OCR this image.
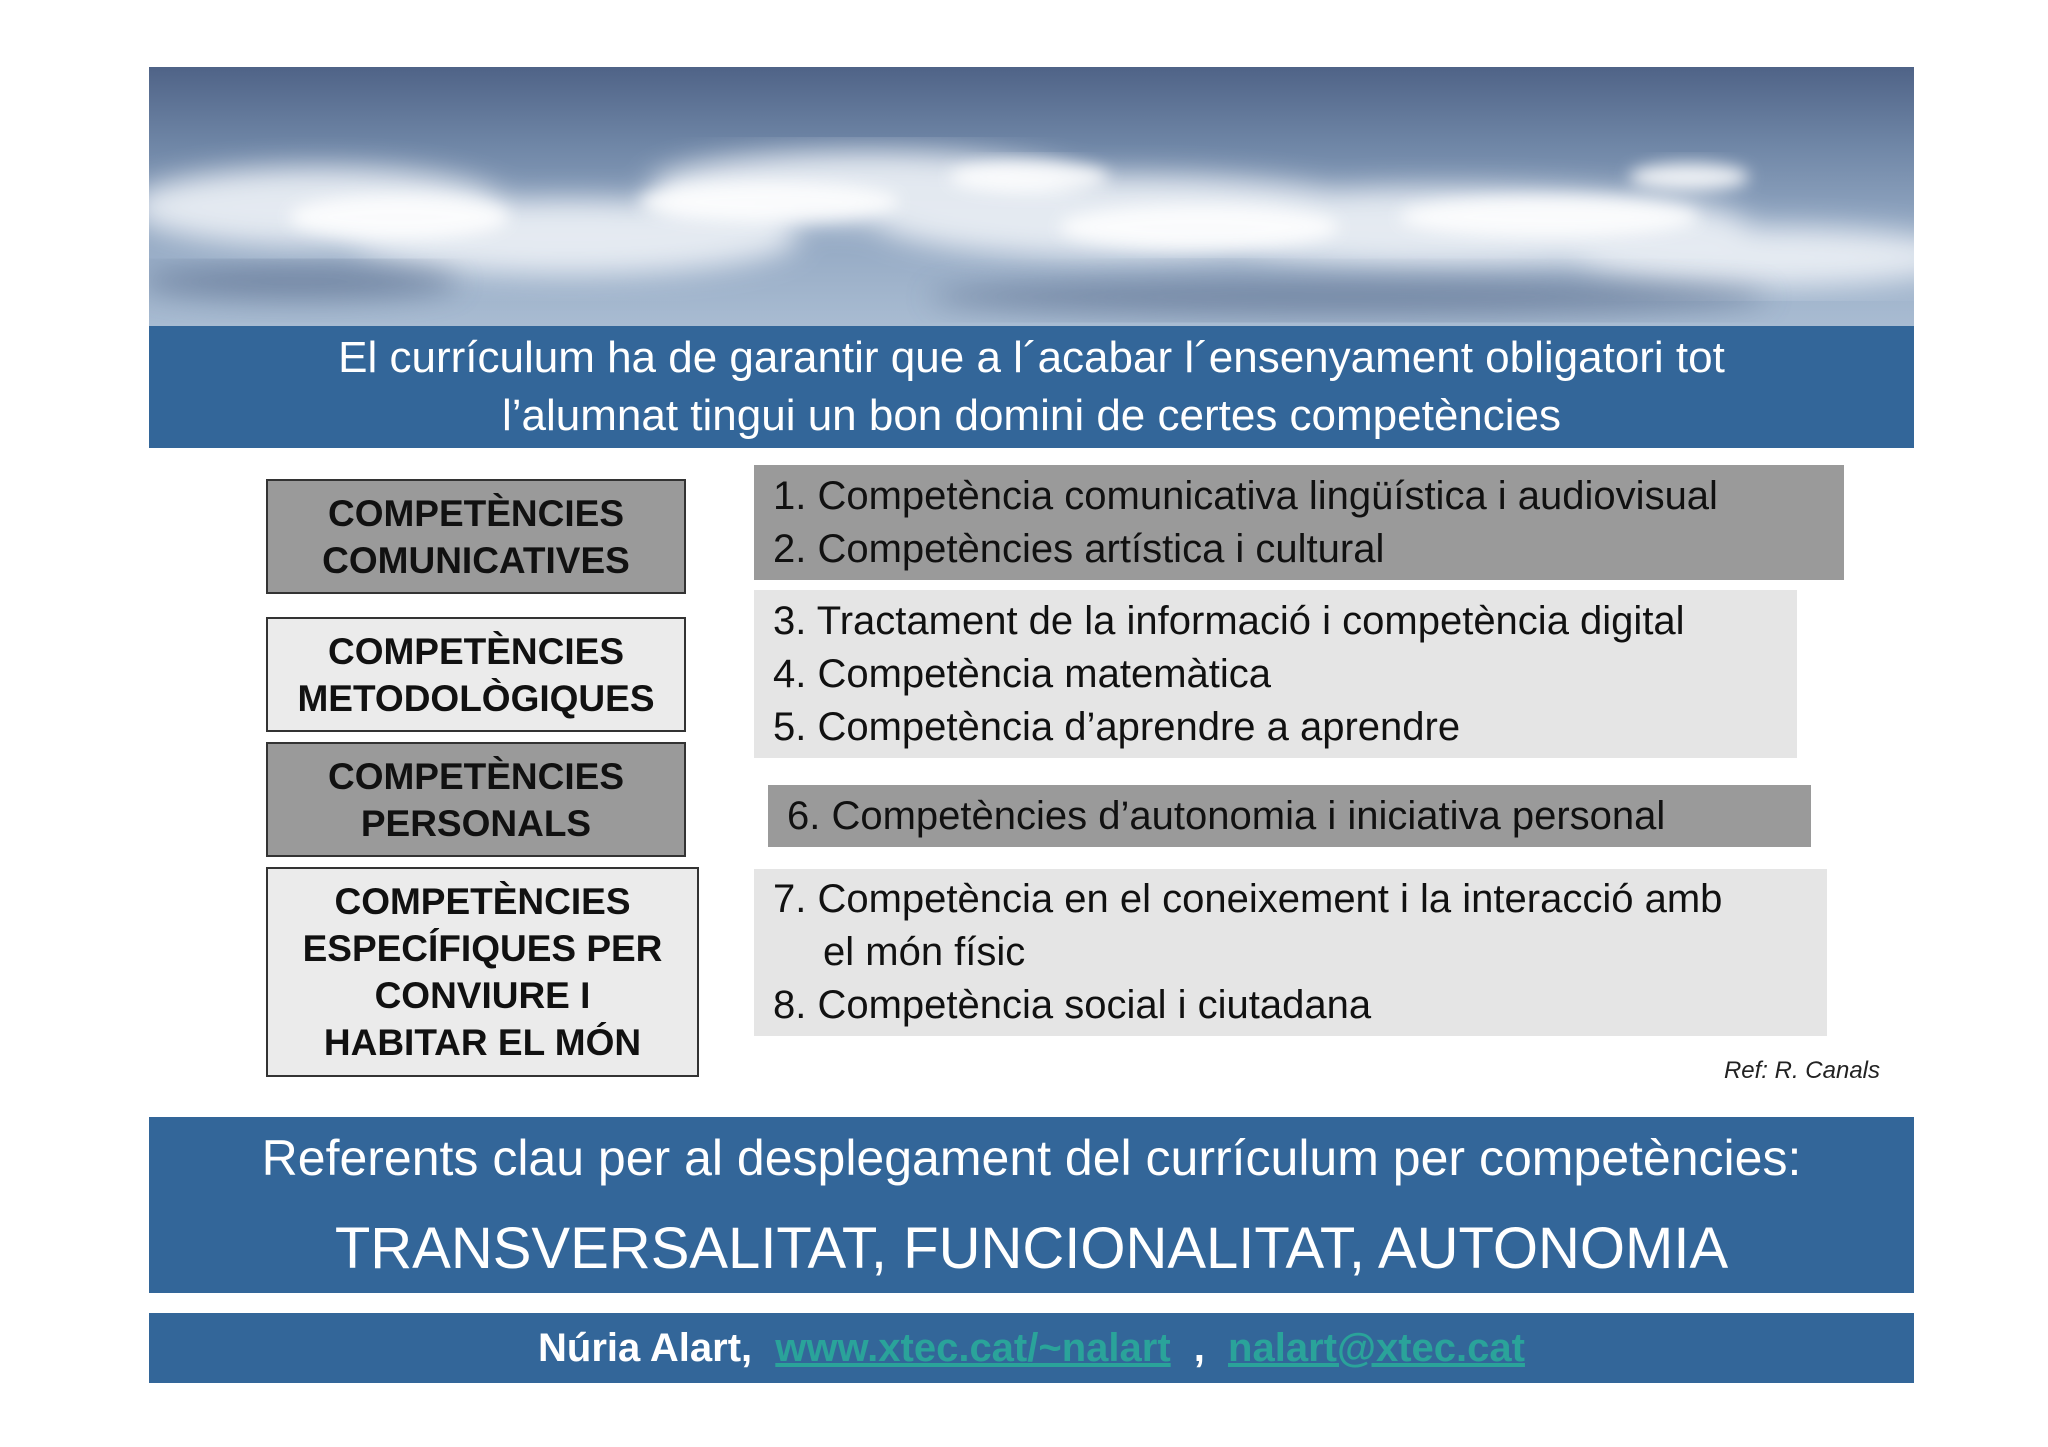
El currículum ha de garantir que a l´acabar l´ensenyament obligatori tot
l’alumnat tingui un bon domini de certes competències
COMPETÈNCIES
COMUNICATIVES
COMPETÈNCIES
METODOLÒGIQUES
COMPETÈNCIES
PERSONALS
COMPETÈNCIES
ESPECÍFIQUES PER
CONVIURE I
HABITAR EL MÓN
1. Competència comunicativa lingüística i audiovisual
2. Competències artística i cultural
3. Tractament de la informació i competència digital
4. Competència matemàtica
5. Competència d’aprendre a aprendre
6. Competències d’autonomia i iniciativa personal
7. Competència en el coneixement i la interacció amb
el món físic
8. Competència social i ciutadana
Ref: R. Canals
Referents clau per al desplegament del currículum per competències:
TRANSVERSALITAT, FUNCIONALITAT, AUTONOMIA
Núria Alart, www.xtec.cat/~nalart , nalart@xtec.cat
